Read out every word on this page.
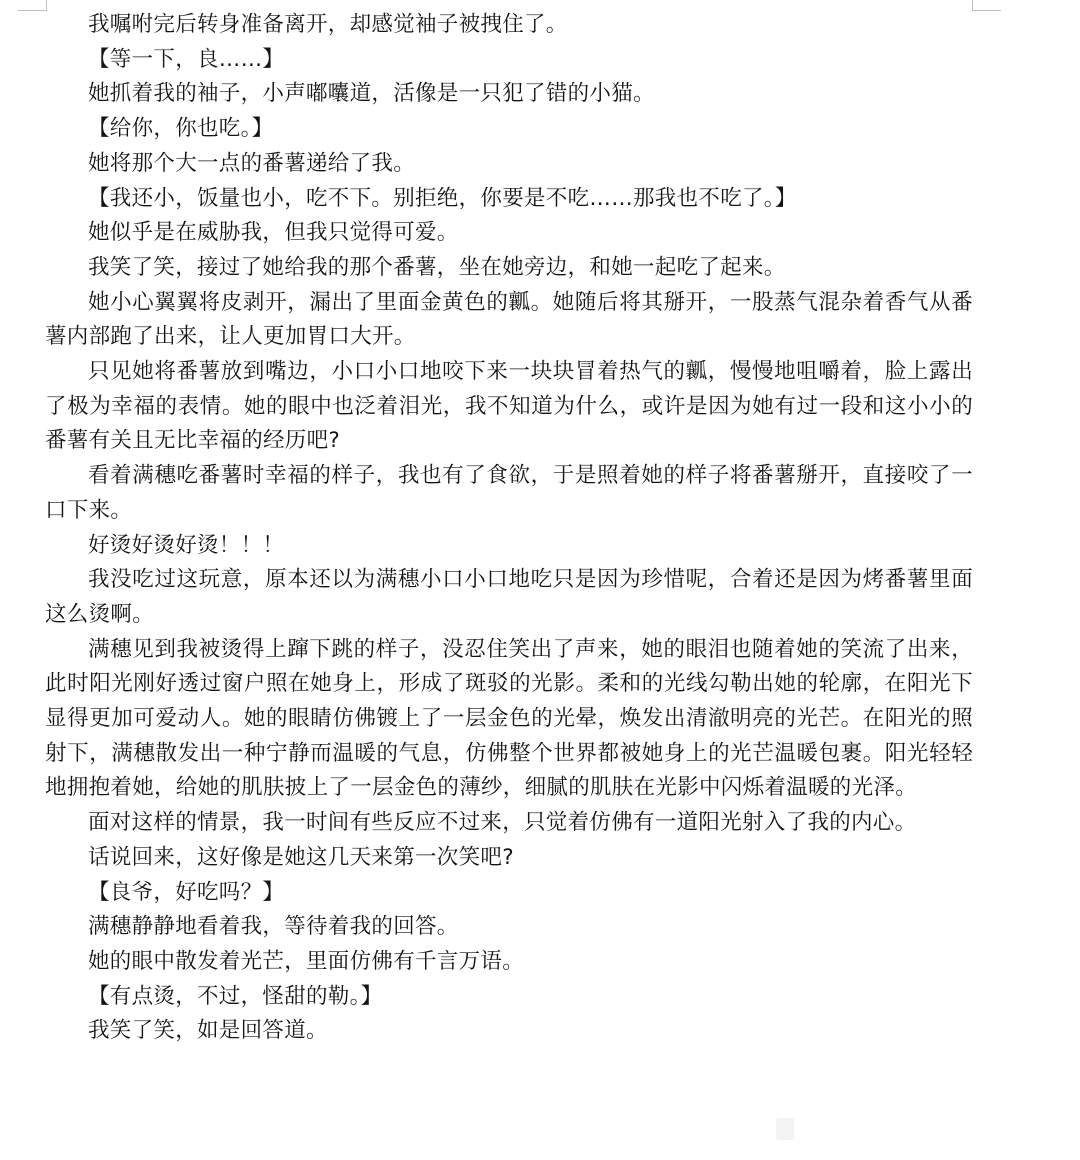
我嘱咐完后转身准备离开，却感觉袖子被拽住了。

【等一下，良……】

她抓着我的袖子，小声嘟囔道，活像是一只犯了错的小猫。

【给你，你也吃。】

她将那个大一点的番薯递给了我。

【我还小，饭量也小，吃不下。别拒绝，你要是不吃……那我也不吃了。】

她似乎是在威胁我，但我只觉得可爱。

我笑了笑，接过了她给我的那个番薯，坐在她旁边，和她一起吃了起来。

她小心翼翼将皮剥开，漏出了里面金黄色的瓤。她随后将其掰开，一股蒸气混杂着香气从番薯内部跑了出来，让人更加胃口大开。

只见她将番薯放到嘴边，小口小口地咬下来一块块冒着热气的瓤，慢慢地咀嚼着，脸上露出了极为幸福的表情。她的眼中也泛着泪光，我不知道为什么，或许是因为她有过一段和这小小的番薯有关且无比幸福的经历吧?

看着满穗吃番薯时幸福的样子，我也有了食欲，于是照着她的样子将番薯掰开，直接咬了一口下来。

好烫好烫好烫！！！

我没吃过这玩意，原本还以为满穗小口小口地吃只是因为珍惜呢，合着还是因为烤番薯里面这么烫啊。

满穗见到我被烫得上蹿下跳的样子，没忍住笑出了声来，她的眼泪也随着她的笑流了出来，此时阳光刚好透过窗户照在她身上，形成了斑驳的光影。柔和的光线勾勒出她的轮廓，在阳光下显得更加可爱动人。她的眼睛仿佛镀上了一层金色的光晕，焕发出清澈明亮的光芒。在阳光的照射下，满穗散发出一种宁静而温暖的气息，仿佛整个世界都被她身上的光芒温暖包裹。阳光轻轻地拥抱着她，给她的肌肤披上了一层金色的薄纱，细腻的肌肤在光影中闪烁着温暖的光泽。

面对这样的情景，我一时间有些反应不过来，只觉着仿佛有一道阳光射入了我的内心。

话说回来，这好像是她这几天来第一次笑吧?

【良爷，好吃吗？】

满穗静静地看着我，等待着我的回答。

她的眼中散发着光芒，里面仿佛有千言万语。

【有点烫，不过，怪甜的勒。】

我笑了笑，如是回答道。
